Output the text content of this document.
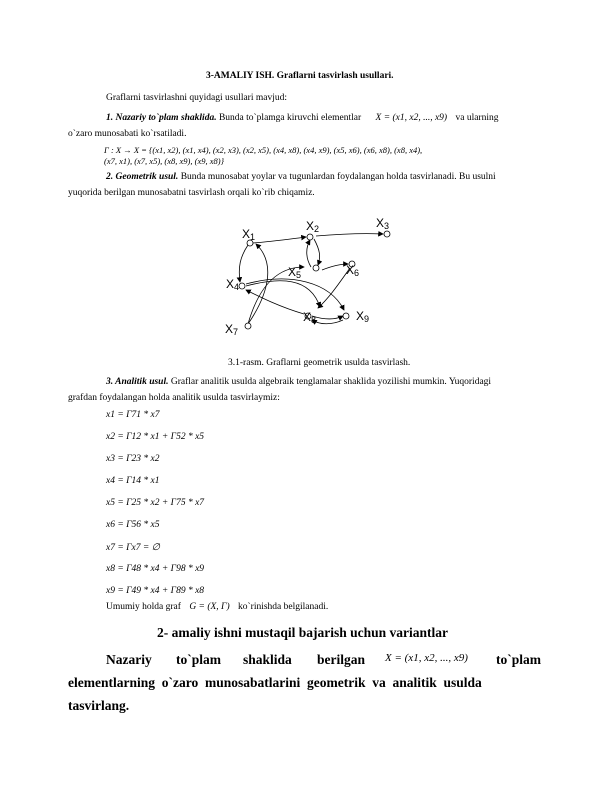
3-AMALIY ISH. Graflarni tasvirlash usullari.
Graflarni tasvirlashni quyidagi usullari mavjud:
1. Nazariy to`plam shaklida. Bunda to`plamga kiruvchi elementlar X = (x1, x2, ..., x9) va ularning
o`zaro munosabati ko`rsatiladi.
Γ : X → X = {(x1, x2), (x1, x4), (x2, x3), (x2, x5), (x4, x8), (x4, x9), (x5, x6), (x6, x8), (x8, x4),
(x7, x1), (x7, x5), (x8, x9), (x9, x8)}
2. Geometrik usul. Bunda munosabat yoylar va tugunlardan foydalangan holda tasvirlanadi. Bu usulni
yuqorida berilgan munosabatni tasvirlash orqali ko`rib chiqamiz.
X1
X2	X3
X4
X5	X6
X7
X8	X9
3.1-rasm. Graflarni geometrik usulda tasvirlash.
3. Analitik usul. Graflar analitik usulda algebraik tenglamalar shaklida yozilishi mumkin. Yuqoridagi
grafdan foydalangan holda analitik usulda tasvirlaymiz:
x1 = Γ71 * x7
x2 = Γ12 * x1 + Γ52 * x5
x3 = Γ23 * x2
x4 = Γ14 * x1
x5 = Γ25 * x2 + Γ75 * x7
x6 = Γ56 * x5
x7 = Γx7 = ∅
x8 = Γ48 * x4 + Γ98 * x9
x9 = Γ49 * x4 + Γ89 * x8
Umumiy holda graf G = (X, Γ) ko`rinishda belgilanadi.
2- amaliy ishni mustaqil bajarish uchun variantlar
Nazariy to`plam shaklida berilgan X = (x1, x2, ..., x9) to`plam
elementlarning  o`zaro  munosabatlarini  geometrik  va  analitik  usulda
tasvirlang.
